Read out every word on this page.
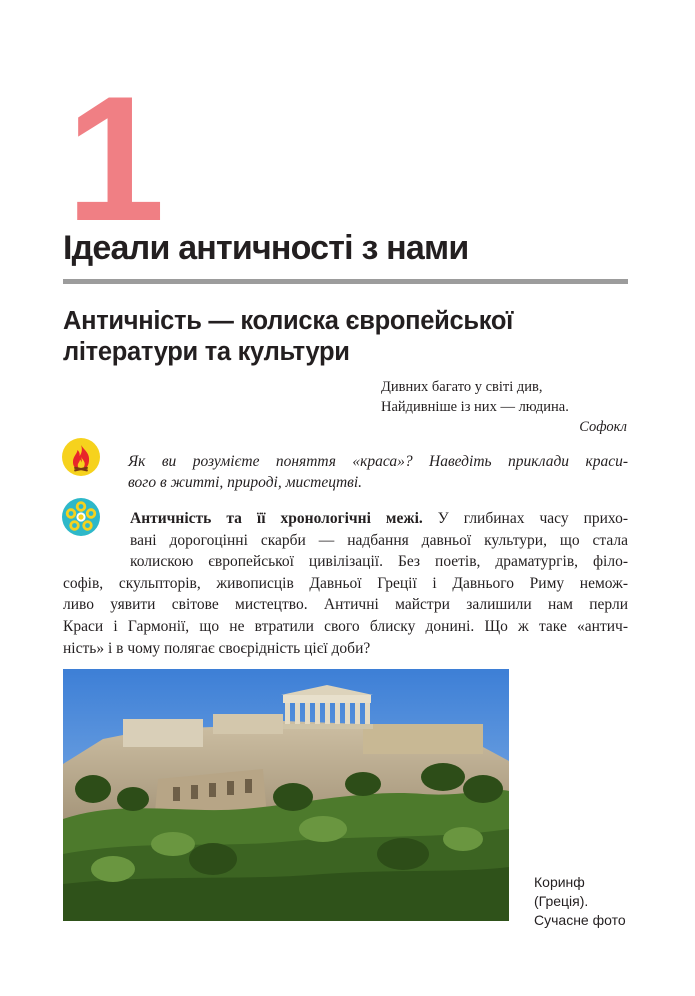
1
Ідеали античності з нами
Античність — колиска європейської
літератури та культури
Дивних багато у світі див,
Найдивніше із них — людина.
Софокл
Як ви розумієте поняття «краса»? Наведіть приклади краси-
вого в житті, природі, мистецтві.
Античність та її хронологічні межі. У глибинах часу прихо-
вані дорогоцінні скарби — надбання давньої культури, що стала
колискою європейської цивілізації. Без поетів, драматургів, філо-
софів, скульпторів, живописців Давньої Греції і Давнього Риму немож-
ливо уявити світове мистецтво. Античні майстри залишили нам перли
Краси і Гармонії, що не втратили свого блиску донині. Що ж таке «антич-
ність» і в чому полягає своєрідність цієї доби?
Коринф
(Греція).
Сучасне фото
